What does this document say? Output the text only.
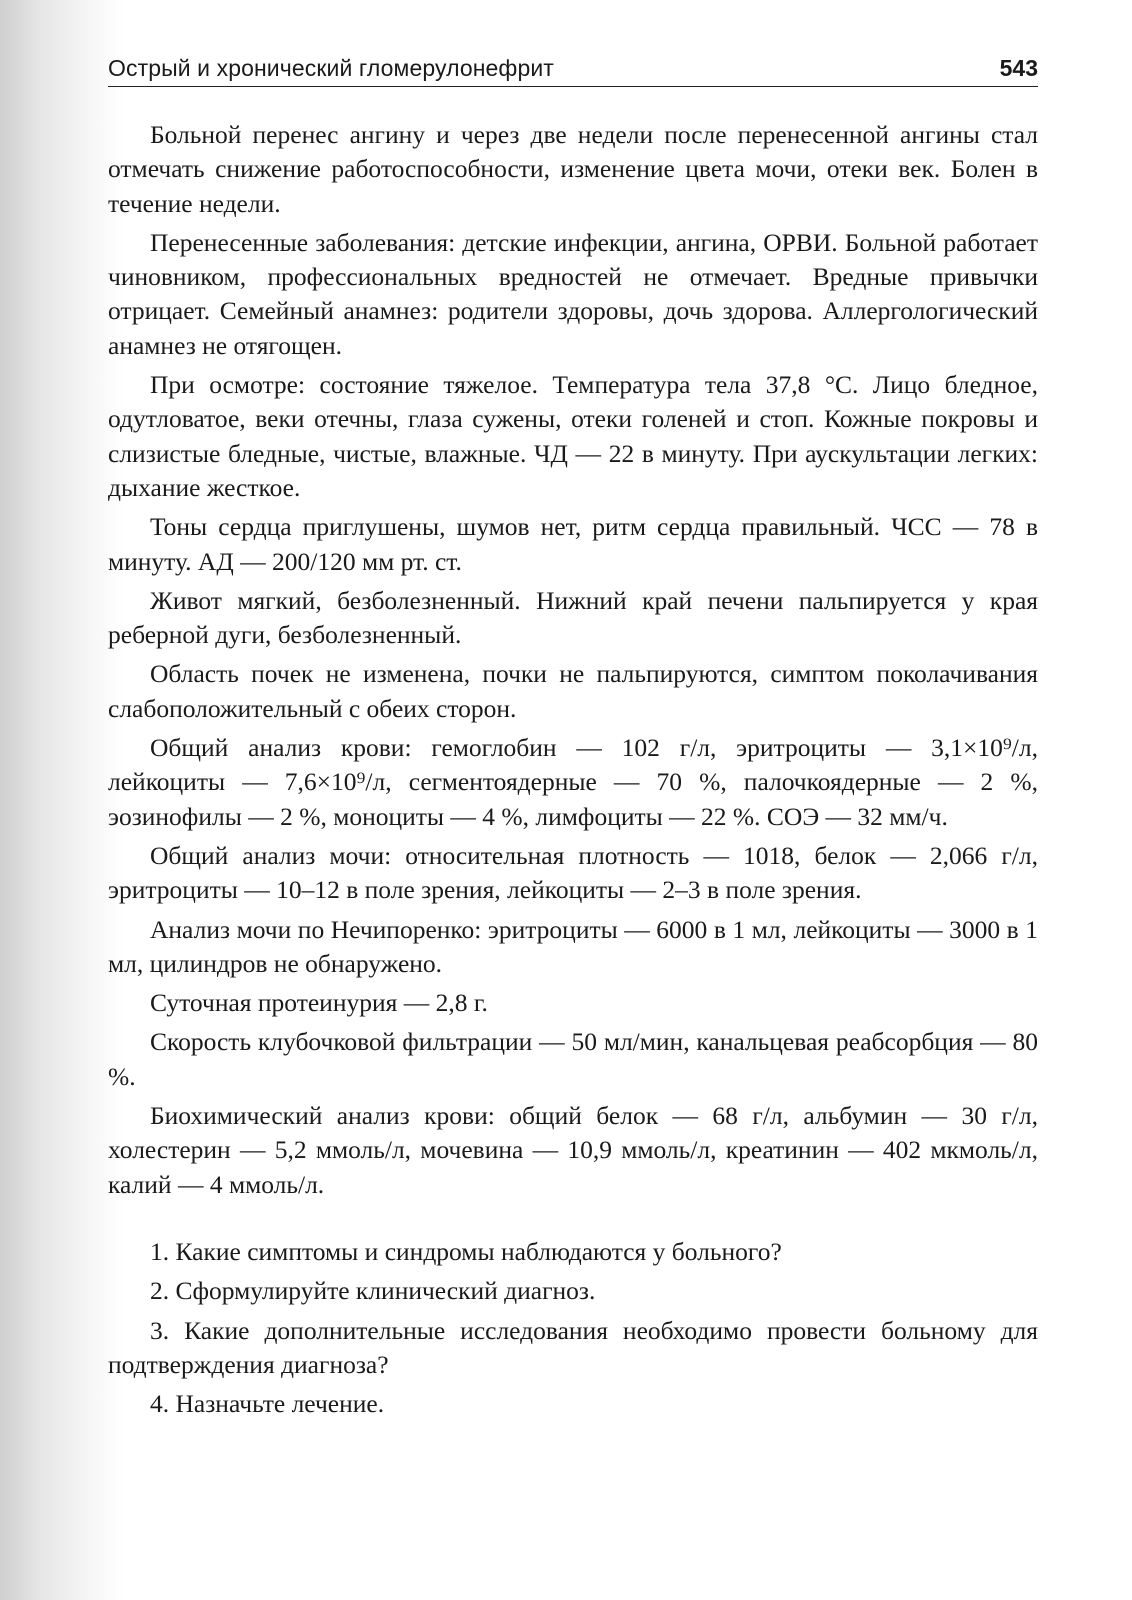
Острый и хронический гломерулонефрит	543

Больной перенес ангину и через две недели после перенесенной ангины стал отмечать снижение работоспособности, изменение цвета мочи, отеки век. Болен в течение недели.

Перенесенные заболевания: детские инфекции, ангина, ОРВИ. Больной работает чиновником, профессиональных вредностей не отмечает. Вредные привычки отрицает. Семейный анамнез: родители здоровы, дочь здорова. Аллергологический анамнез не отягощен.

При осмотре: состояние тяжелое. Температура тела 37,8 °С. Лицо бледное, одутловатое, веки отечны, глаза сужены, отеки голеней и стоп. Кожные покровы и слизистые бледные, чистые, влажные. ЧД — 22 в минуту. При аускультации легких: дыхание жесткое.

Тоны сердца приглушены, шумов нет, ритм сердца правильный. ЧСС — 78 в минуту. АД — 200/120 мм рт. ст.

Живот мягкий, безболезненный. Нижний край печени пальпируется у края реберной дуги, безболезненный.

Область почек не изменена, почки не пальпируются, симптом поколачивания слабоположительный с обеих сторон.

Общий анализ крови: гемоглобин — 102 г/л, эритроциты — 3,1×10⁹/л, лейкоциты — 7,6×10⁹/л, сегментоядерные — 70 %, палочкоядерные — 2 %, эозинофилы — 2 %, моноциты — 4 %, лимфоциты — 22 %. СОЭ — 32 мм/ч.

Общий анализ мочи: относительная плотность — 1018, белок — 2,066 г/л, эритроциты — 10–12 в поле зрения, лейкоциты — 2–3 в поле зрения.

Анализ мочи по Нечипоренко: эритроциты — 6000 в 1 мл, лейкоциты — 3000 в 1 мл, цилиндров не обнаружено.

Суточная протеинурия — 2,8 г.

Скорость клубочковой фильтрации — 50 мл/мин, канальцевая реабсорбция — 80 %.

Биохимический анализ крови: общий белок — 68 г/л, альбумин — 30 г/л, холестерин — 5,2 ммоль/л, мочевина — 10,9 ммоль/л, креатинин — 402 мкмоль/л, калий — 4 ммоль/л.

1. Какие симптомы и синдромы наблюдаются у больного?

2. Сформулируйте клинический диагноз.

3. Какие дополнительные исследования необходимо провести больному для подтверждения диагноза?

4. Назначьте лечение.
